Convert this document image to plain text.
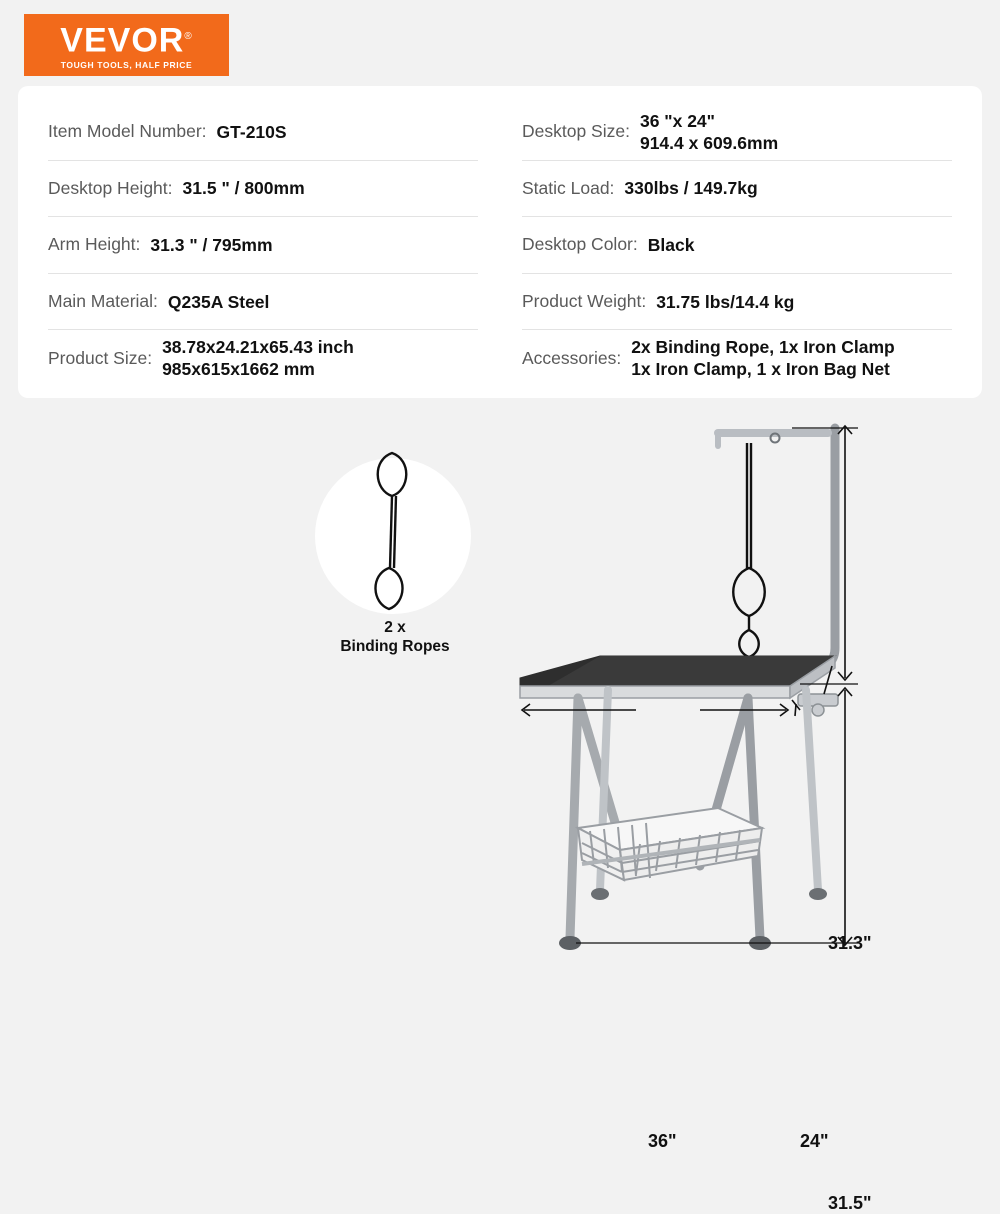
VEVOR®
TOUGH TOOLS, HALF PRICE
Item Model Number: GT-210S
Desktop Height: 31.5 " / 800mm
Arm Height: 31.3 " / 795mm
Main Material: Q235A Steel
Product Size:
38.78x24.21x65.43 inch
985x615x1662 mm
Desktop Size:
36 "x 24"
914.4 x 609.6mm
Static Load: 330lbs / 149.7kg
Desktop Color: Black
Product Weight: 31.75 lbs/14.4 kg
Accessories:
2x Binding Rope, 1x Iron Clamp
1x Iron Clamp, 1 x Iron Bag Net
2 x
Binding Ropes
31.3"
31.5"
36"	24"
